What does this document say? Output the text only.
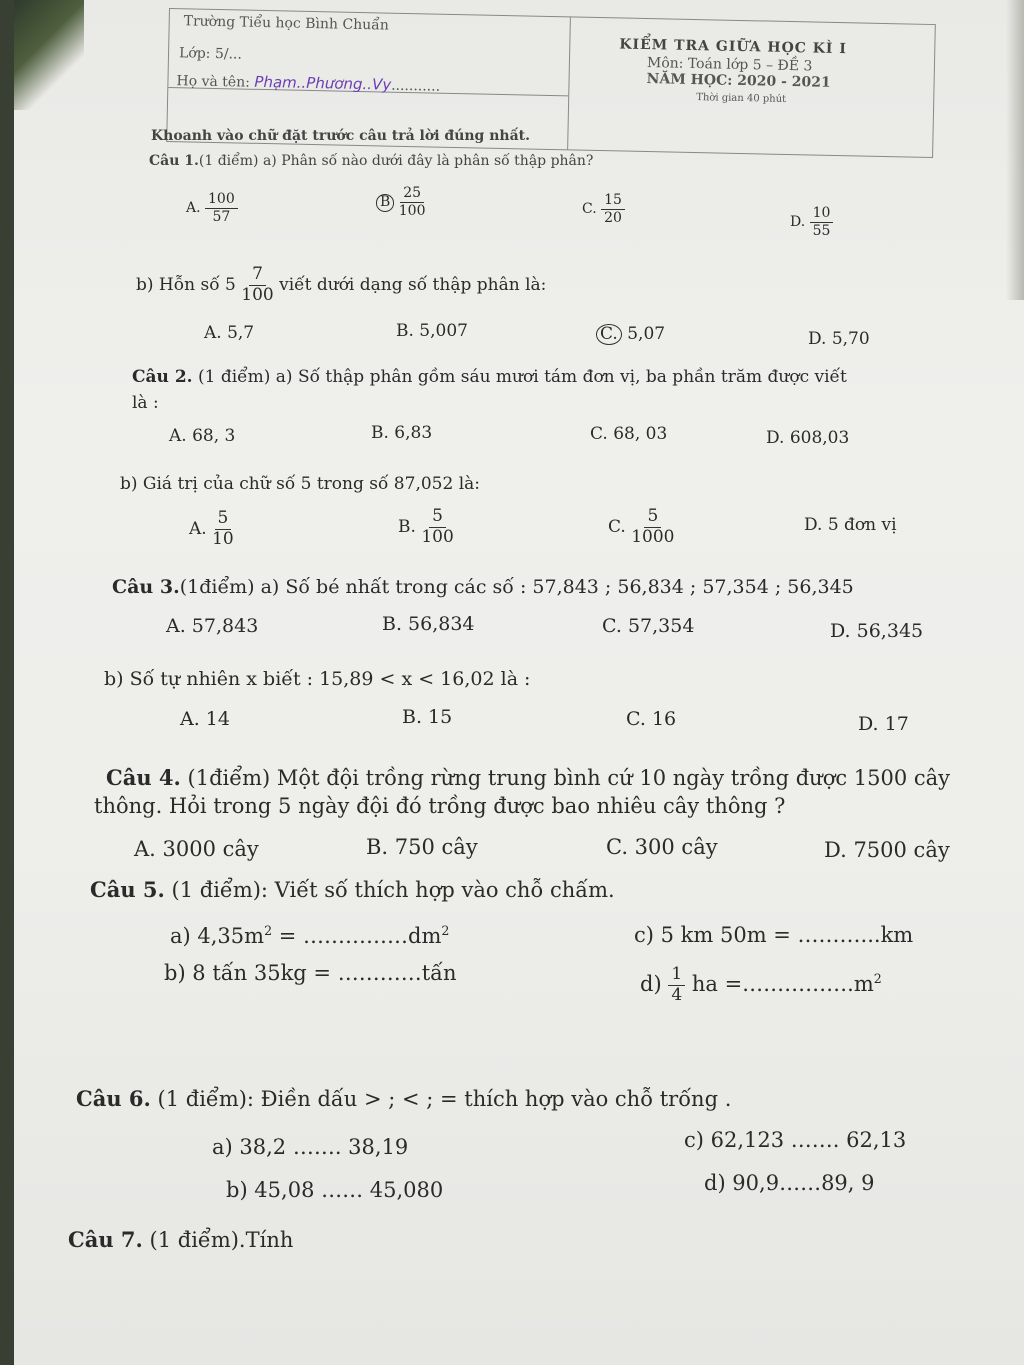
Trường Tiểu học Bình Chuẩn
Lớp: 5/...
Họ và tên: Phạm..Phương..Vy...........
KIỂM TRA GIỮA HỌC KÌ I
Môn: Toán lớp 5 – ĐỀ 3
NĂM HỌC: 2020 - 2021
Thời gian 40 phút
Khoanh vào chữ đặt trước câu trả lời đúng nhất.
Câu 1.(1 điểm) a) Phân số nào dưới đây là phân số thập phân?
A. $\frac{100}{57}$	B $\frac{25}{100}$	C. $\frac{15}{20}$	D. $\frac{10}{55}$
b) Hỗn số $5 \frac{7}{100}$ viết dưới dạng số thập phân là:
A. 5,7	B. 5,007	C. 5,07	D. 5,70
Câu 2. (1 điểm) a) Số thập phân gồm sáu mươi tám đơn vị, ba phần trăm được viết
là :
A. 68, 3	B. 6,83	C. 68, 03	D. 608,03
b) Giá trị của chữ số 5 trong số 87,052 là:
A. $\frac{5}{10}$	B. $\frac{5}{100}$	C. $\frac{5}{1000}$	D. 5 đơn vị
Câu 3.(1điểm) a) Số bé nhất trong các số : 57,843 ; 56,834 ; 57,354 ; 56,345
A. 57,843	B. 56,834	C. 57,354	D. 56,345
b) Số tự nhiên x biết : 15,89 < x < 16,02 là :
A. 14	B. 15	C. 16	D. 17
Câu 4. (1điểm) Một đội trồng rừng trung bình cứ 10 ngày trồng được 1500 cây
thông. Hỏi trong 5 ngày đội đó trồng được bao nhiêu cây thông ?
A. 3000 cây	B. 750 cây	C. 300 cây	D. 7500 cây
Câu 5. (1 điểm): Viết số thích hợp vào chỗ chấm.
a) $4,35m^2$ = $\dots\dots\dots\dots\dots dm^2$	c) 5 km 50m = ………...km
b) 8 tấn 35kg = …………tấn	$d) \frac{1}{4}$ ha $=\dots\dots\dots\dots\dots.m^2$
Câu 6. (1 điểm): Điền dấu > ; < ; = thích hợp vào chỗ trống .
a) 38,2 ……. 38,19	c) 62,123 ……. 62,13
b) 45,08 …… 45,080	d) 90,9……89, 9
Câu 7. (1 điểm).Tính
